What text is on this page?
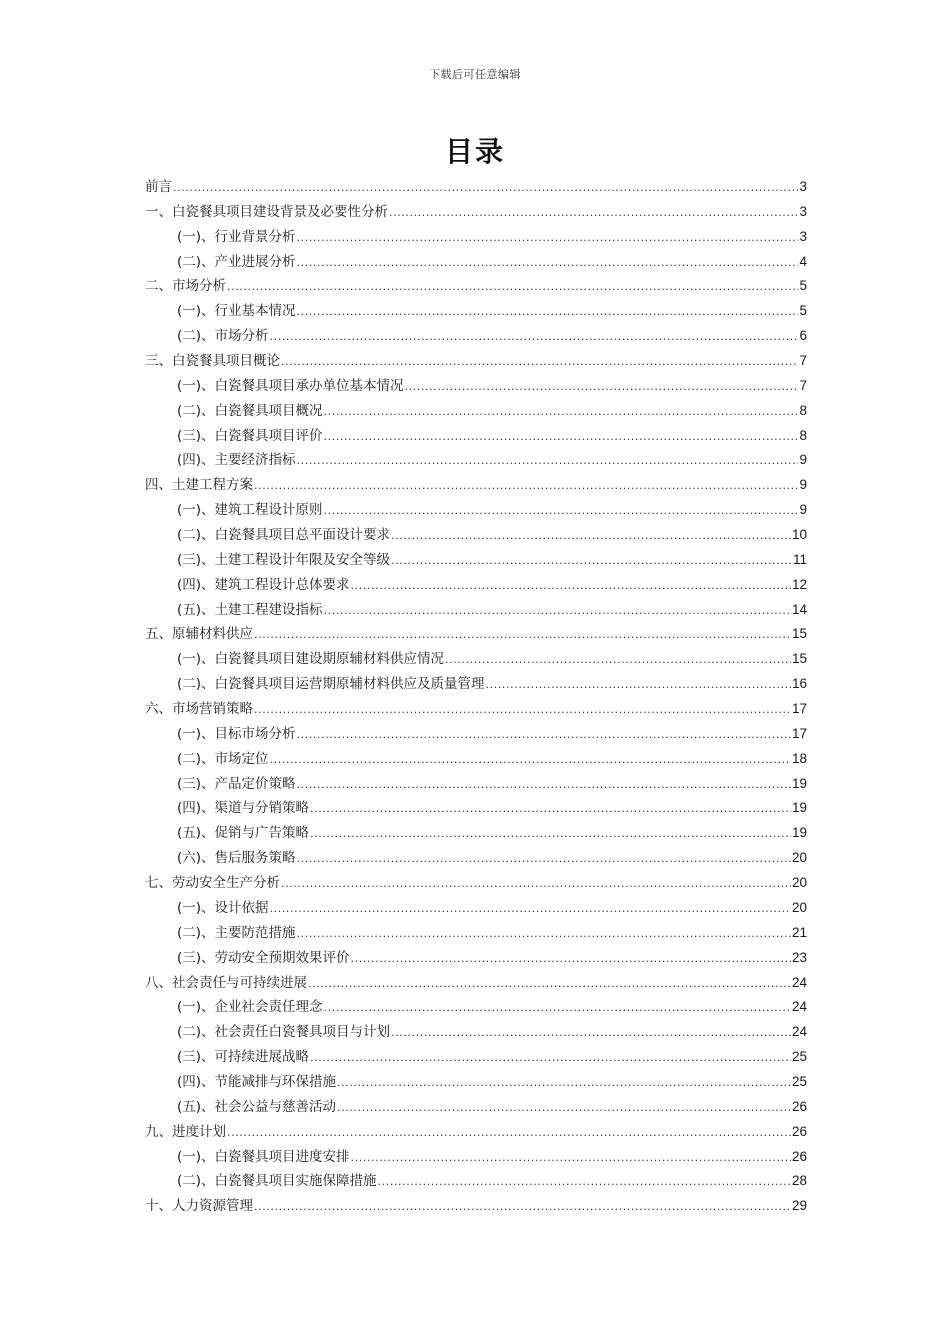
下载后可任意编辑
目录
前言 .....	3
一、白瓷餐具项目建设背景及必要性分析 .....	3
(一)、行业背景分析 .....	3
(二)、产业进展分析 .....	4
二、市场分析 .....	5
(一)、行业基本情况 .....	5
(二)、市场分析 .....	6
三、白瓷餐具项目概论 .....	7
(一)、白瓷餐具项目承办单位基本情况 .....	7
(二)、白瓷餐具项目概况 .....	8
(三)、白瓷餐具项目评价 .....	8
(四)、主要经济指标 .....	9
四、土建工程方案 .....	9
(一)、建筑工程设计原则 .....	9
(二)、白瓷餐具项目总平面设计要求 .....	10
(三)、土建工程设计年限及安全等级 .....	11
(四)、建筑工程设计总体要求 .....	12
(五)、土建工程建设指标 .....	14
五、原辅材料供应 .....	15
(一)、白瓷餐具项目建设期原辅材料供应情况 .....	15
(二)、白瓷餐具项目运营期原辅材料供应及质量管理 .....	16
六、市场营销策略 .....	17
(一)、目标市场分析 .....	17
(二)、市场定位 .....	18
(三)、产品定价策略 .....	19
(四)、渠道与分销策略 .....	19
(五)、促销与广告策略 .....	19
(六)、售后服务策略 .....	20
七、劳动安全生产分析 .....	20
(一)、设计依据 .....	20
(二)、主要防范措施 .....	21
(三)、劳动安全预期效果评价 .....	23
八、社会责任与可持续进展 .....	24
(一)、企业社会责任理念 .....	24
(二)、社会责任白瓷餐具项目与计划 .....	24
(三)、可持续进展战略 .....	25
(四)、节能减排与环保措施 .....	25
(五)、社会公益与慈善活动 .....	26
九、进度计划 .....	26
(一)、白瓷餐具项目进度安排 .....	26
(二)、白瓷餐具项目实施保障措施 .....	28
十、人力资源管理 .....	29
